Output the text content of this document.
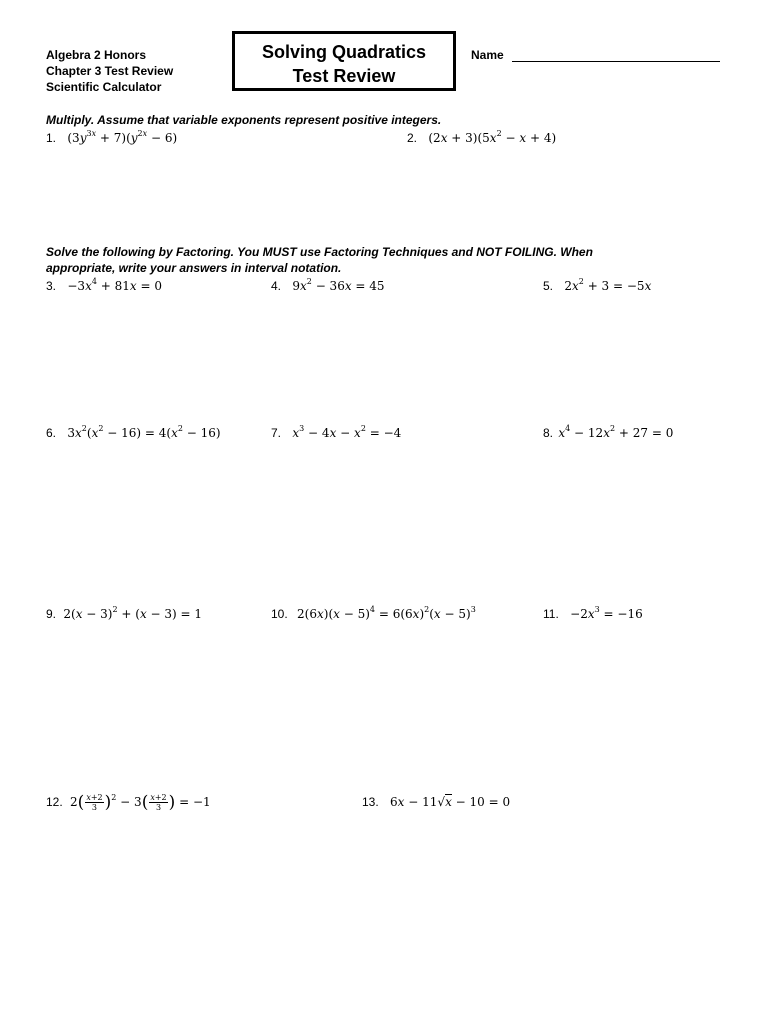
Algebra 2 Honors
Chapter 3 Test Review
Scientific Calculator
Solving Quadratics
Test Review
Name
Multiply. Assume that variable exponents represent positive integers.
1. $(3y^{3x} + 7)(y^{2x} - 6)$	2. $(2x + 3)(5x^2 - x + 4)$
Solve the following by Factoring. You MUST use Factoring Techniques and NOT FOILING. When
appropriate, write your answers in interval notation.
3. $-3x^4 + 81x = 0$	4. $9x^2 - 36x = 45$	5. $2x^2 + 3 = -5x$
6. $3x^2(x^2 - 16) = 4(x^2 - 16)$	7. $x^3 - 4x - x^2 = -4$	8. $x^4 - 12x^2 + 27 = 0$
9. $2(x - 3)^2 + (x - 3) = 1$	10. $2(6x)(x - 5)^4 = 6(6x)^2(x - 5)^3$	11. $-2x^3 = -16$
12. $2( \frac{x+2}{3} )^2 - 3( \frac{x+2}{3}$ ) = −1	13. 6x − 11√x − 10 = 0
